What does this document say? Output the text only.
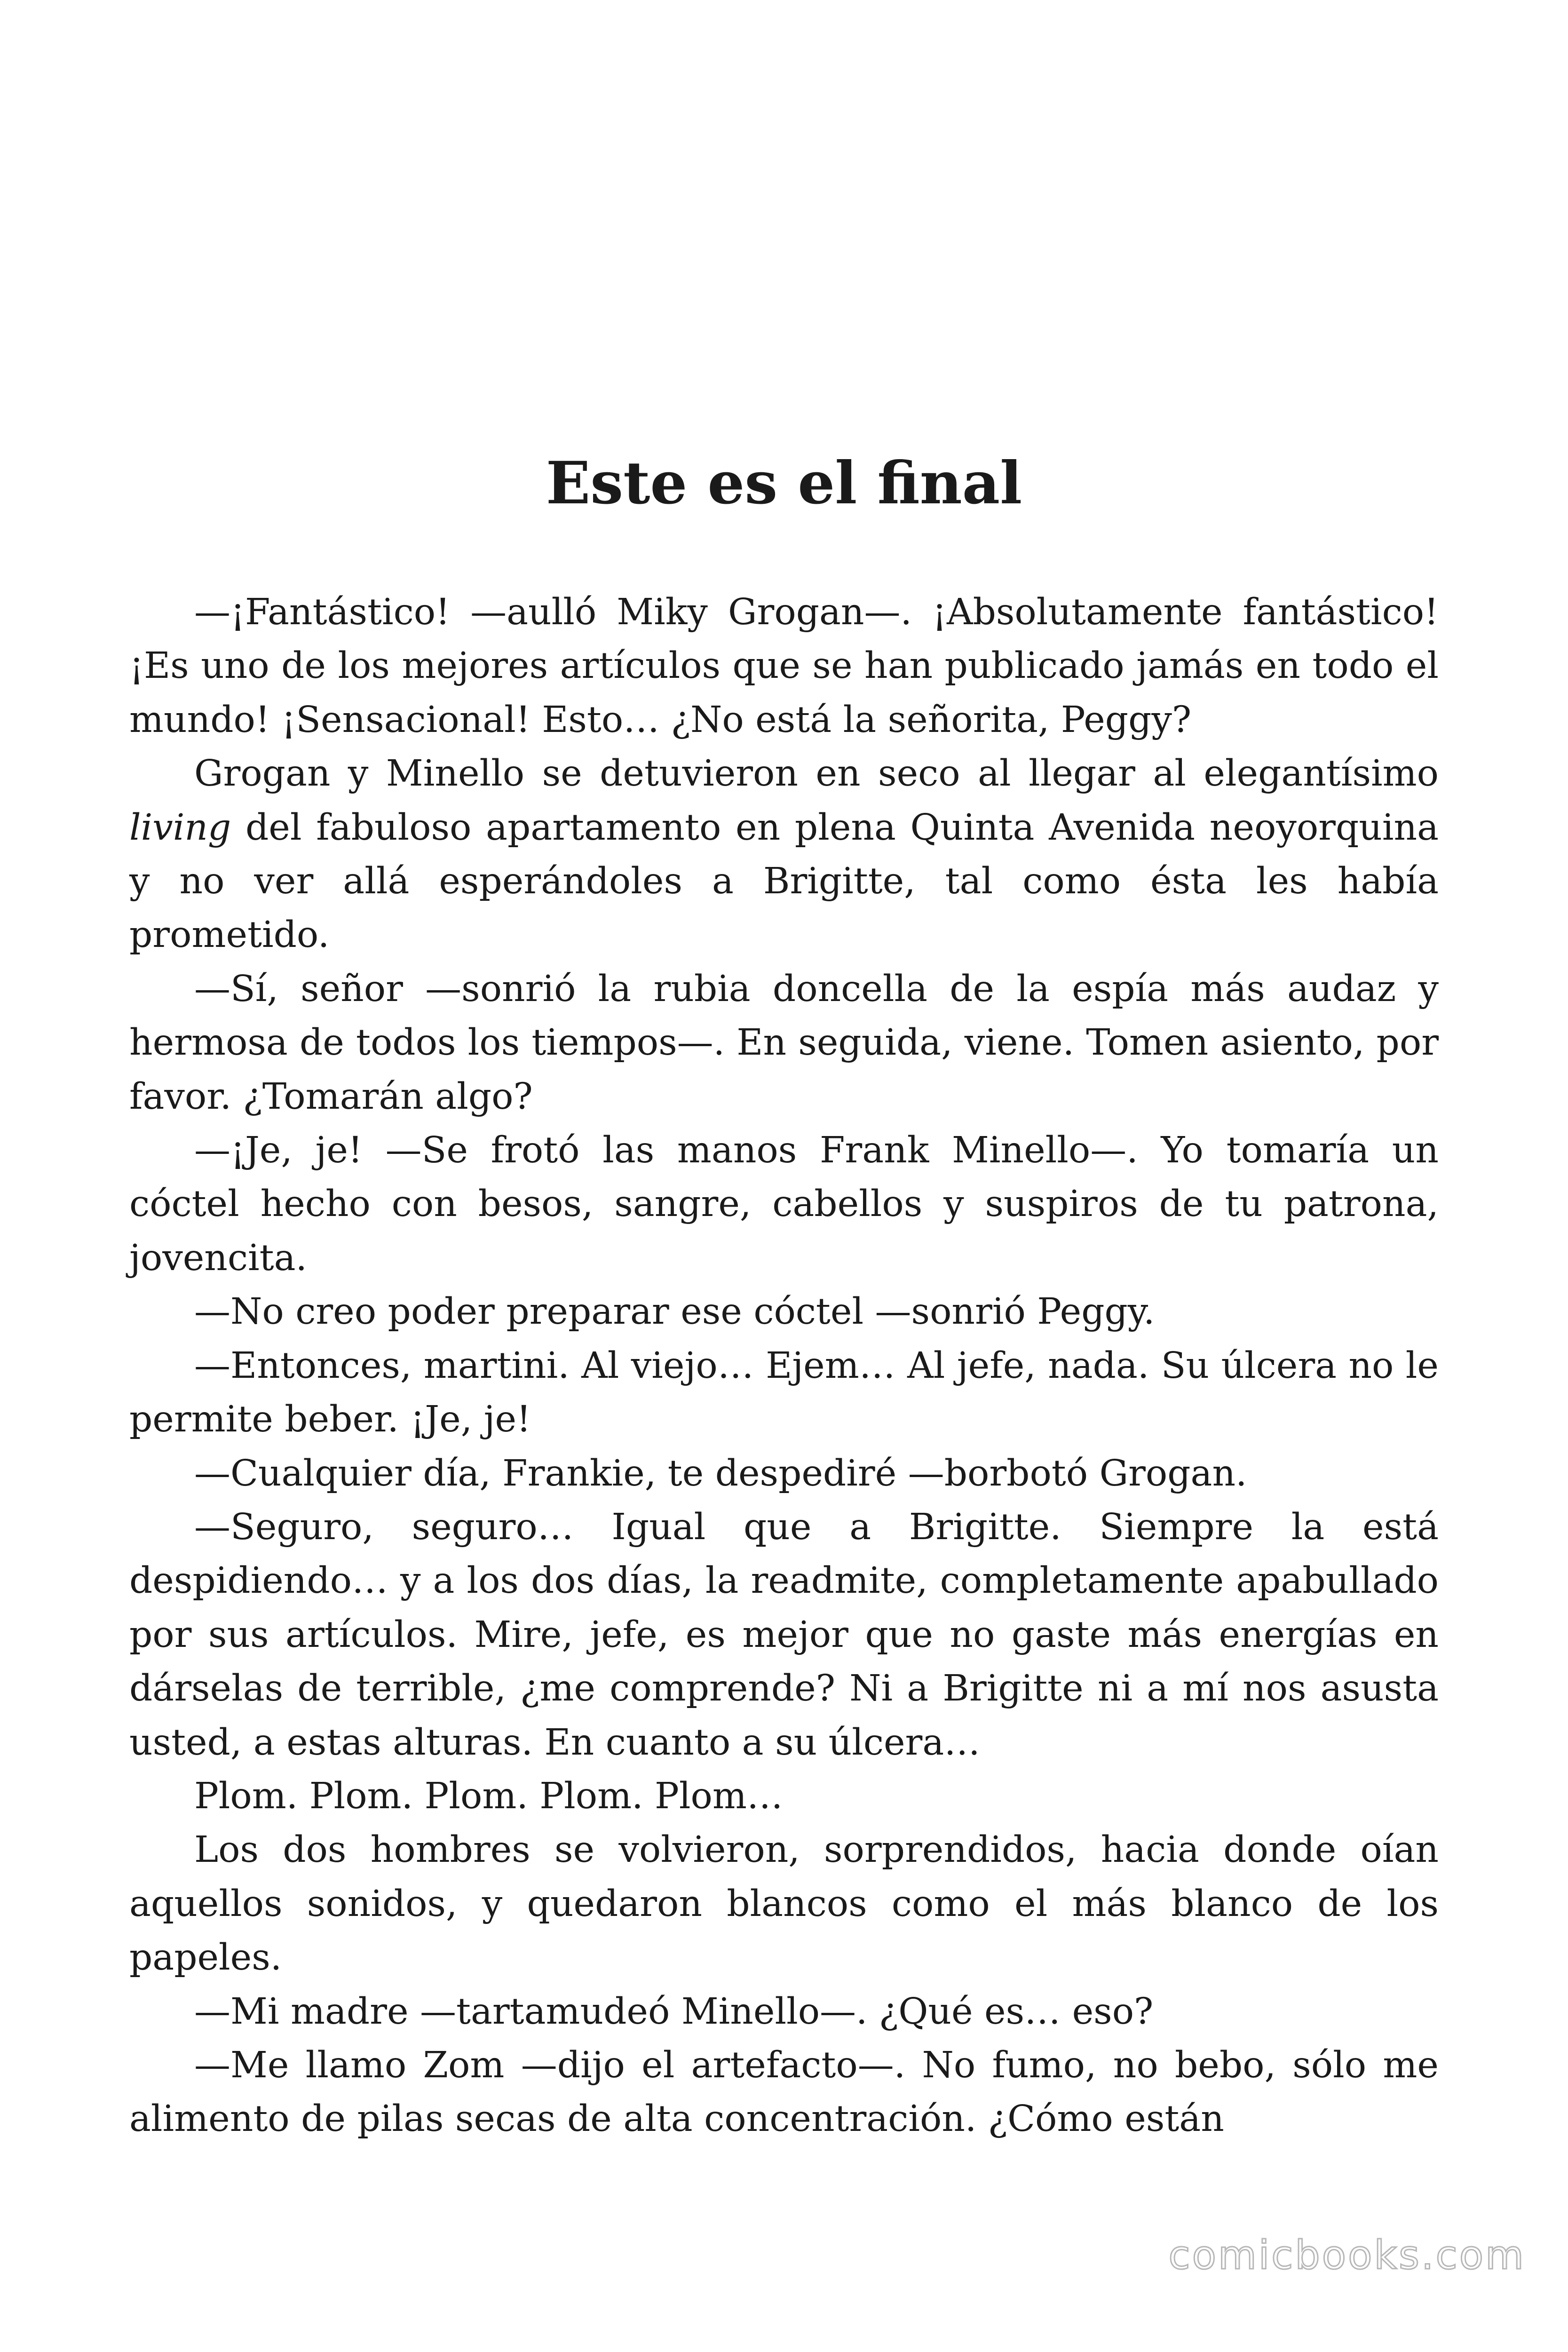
Este es el final

—¡Fantástico! —aulló Miky Grogan—. ¡Absolutamente fantástico! ¡Es uno de los mejores artículos que se han publicado jamás en todo el mundo! ¡Sensacional! Esto… ¿No está la señorita, Peggy?

Grogan y Minello se detuvieron en seco al llegar al elegantísimo living del fabuloso apartamento en plena Quinta Avenida neoyorquina y no ver allá esperándoles a Brigitte, tal como ésta les había prometido.

—Sí, señor —sonrió la rubia doncella de la espía más audaz y hermosa de todos los tiempos—. En seguida, viene. Tomen asiento, por favor. ¿Tomarán algo?

—¡Je, je! —Se frotó las manos Frank Minello—. Yo tomaría un cóctel hecho con besos, sangre, cabellos y suspiros de tu patrona, jovencita.

—No creo poder preparar ese cóctel —sonrió Peggy.

—Entonces, martini. Al viejo… Ejem… Al jefe, nada. Su úlcera no le permite beber. ¡Je, je!

—Cualquier día, Frankie, te despediré —borbotó Grogan.

—Seguro, seguro… Igual que a Brigitte. Siempre la está despidiendo… y a los dos días, la readmite, completamente apabullado por sus artículos. Mire, jefe, es mejor que no gaste más energías en dárselas de terrible, ¿me comprende? Ni a Brigitte ni a mí nos asusta usted, a estas alturas. En cuanto a su úlcera…

Plom. Plom. Plom. Plom. Plom…

Los dos hombres se volvieron, sorprendidos, hacia donde oían aquellos sonidos, y quedaron blancos como el más blanco de los papeles.

—Mi madre —tartamudeó Minello—. ¿Qué es… eso?

—Me llamo Zom —dijo el artefacto—. No fumo, no bebo, sólo me alimento de pilas secas de alta concentración. ¿Cómo están

comicbooks.com
